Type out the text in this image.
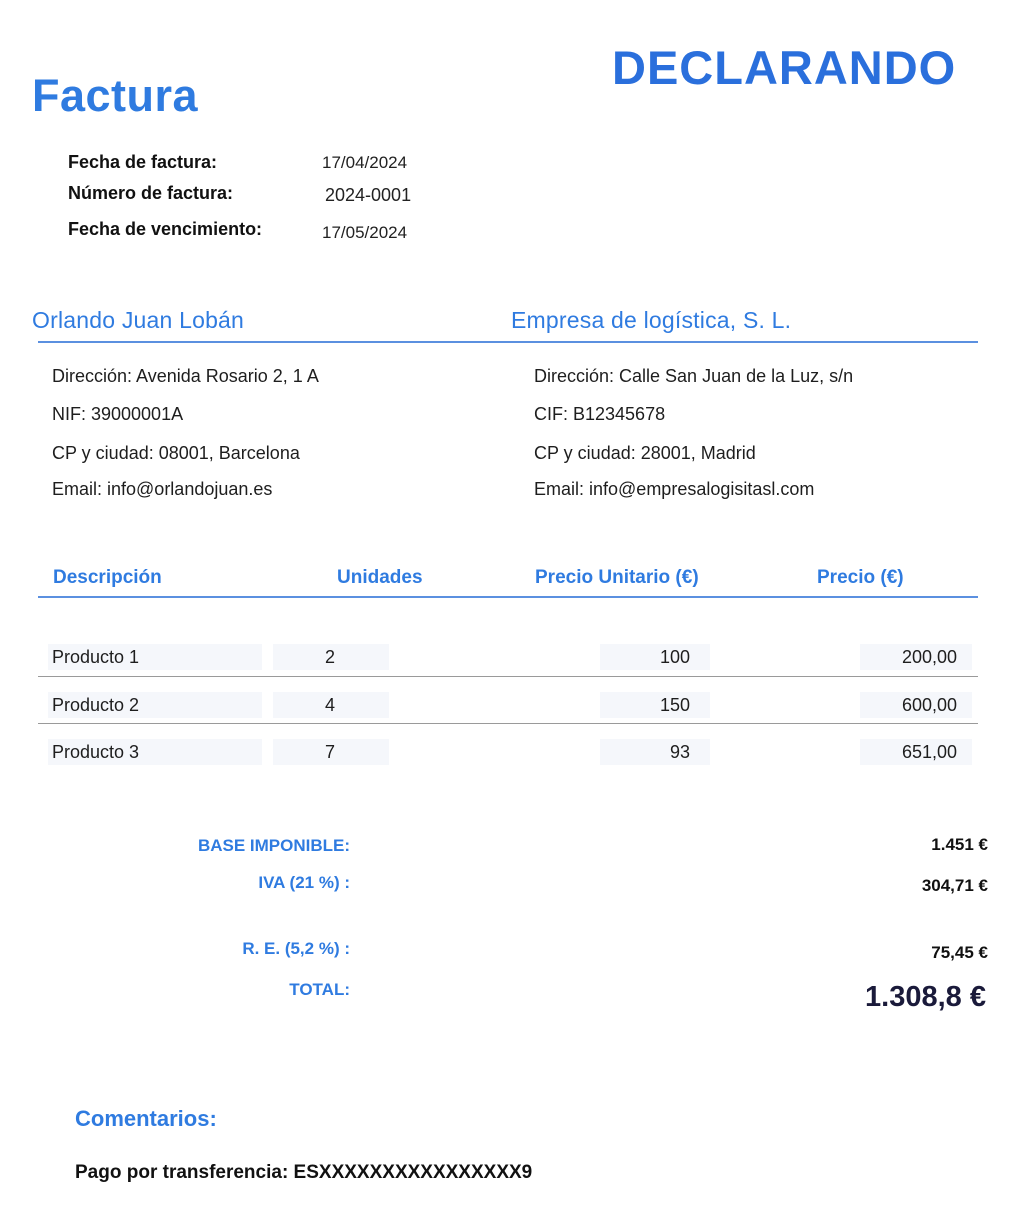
Factura
DECLARANDO
Fecha de factura:	17/04/2024
Número de factura:	2024-0001
Fecha de vencimiento:	17/05/2024
Orlando Juan Lobán	Empresa de logística, S. L.
Dirección: Avenida Rosario 2, 1 A
NIF: 39000001A
CP y ciudad: 08001, Barcelona
Email: info@orlandojuan.es
Dirección: Calle San Juan de la Luz, s/n
CIF: B12345678
CP y ciudad: 28001, Madrid
Email: info@empresalogisitasl.com
Descripción	Unidades	Precio Unitario (€)	Precio (€)
Producto 1	2	100	200,00
Producto 2	4	150	600,00
Producto 3	7	93	651,00
BASE IMPONIBLE:	1.451 €
IVA (21 %) :	304,71 €
R. E. (5,2 %) :	75,45 €
TOTAL:	1.308,8 €
Comentarios:
Pago por transferencia: ESXXXXXXXXXXXXXXXX9
